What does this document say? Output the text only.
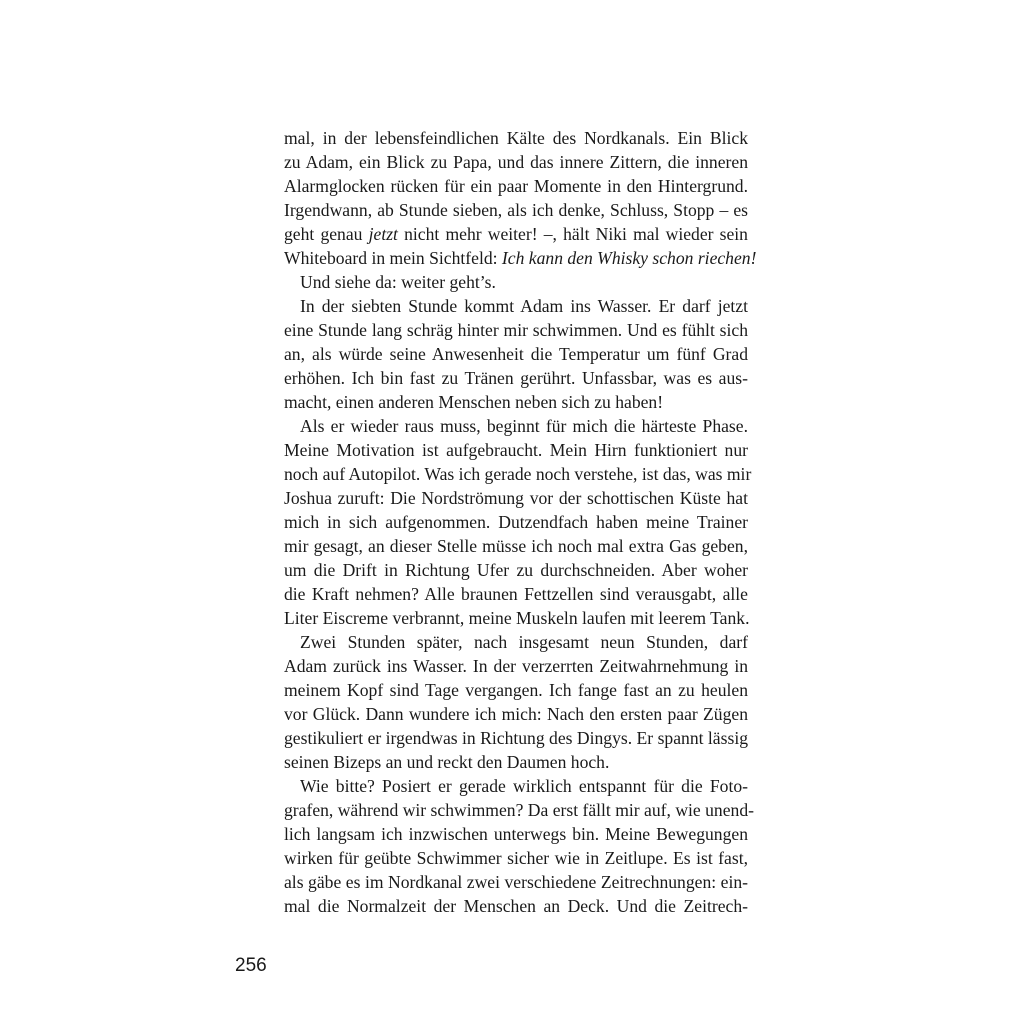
mal, in der lebensfeindlichen Kälte des Nordkanals. Ein Blick
zu Adam, ein Blick zu Papa, und das innere Zittern, die inneren
Alarmglocken rücken für ein paar Momente in den Hintergrund.
Irgendwann, ab Stunde sieben, als ich denke, Schluss, Stopp – es
geht genau jetzt nicht mehr weiter! –, hält Niki mal wieder sein
Whiteboard in mein Sichtfeld: Ich kann den Whisky schon riechen!
Und siehe da: weiter geht’s.
In der siebten Stunde kommt Adam ins Wasser. Er darf jetzt
eine Stunde lang schräg hinter mir schwimmen. Und es fühlt sich
an, als würde seine Anwesenheit die Temperatur um fünf Grad
erhöhen. Ich bin fast zu Tränen gerührt. Unfassbar, was es aus-
macht, einen anderen Menschen neben sich zu haben!
Als er wieder raus muss, beginnt für mich die härteste Phase.
Meine Motivation ist aufgebraucht. Mein Hirn funktioniert nur
noch auf Autopilot. Was ich gerade noch verstehe, ist das, was mir
Joshua zuruft: Die Nordströmung vor der schottischen Küste hat
mich in sich aufgenommen. Dutzendfach haben meine Trainer
mir gesagt, an dieser Stelle müsse ich noch mal extra Gas geben,
um die Drift in Richtung Ufer zu durchschneiden. Aber woher
die Kraft nehmen? Alle braunen Fettzellen sind verausgabt, alle
Liter Eiscreme verbrannt, meine Muskeln laufen mit leerem Tank.
Zwei Stunden später, nach insgesamt neun Stunden, darf
Adam zurück ins Wasser. In der verzerrten Zeitwahrnehmung in
meinem Kopf sind Tage vergangen. Ich fange fast an zu heulen
vor Glück. Dann wundere ich mich: Nach den ersten paar Zügen
gestikuliert er irgendwas in Richtung des Dingys. Er spannt lässig
seinen Bizeps an und reckt den Daumen hoch.
Wie bitte? Posiert er gerade wirklich entspannt für die Foto-
grafen, während wir schwimmen? Da erst fällt mir auf, wie unend-
lich langsam ich inzwischen unterwegs bin. Meine Bewegungen
wirken für geübte Schwimmer sicher wie in Zeitlupe. Es ist fast,
als gäbe es im Nordkanal zwei verschiedene Zeitrechnungen: ein-
mal die Normalzeit der Menschen an Deck. Und die Zeitrech-
256
